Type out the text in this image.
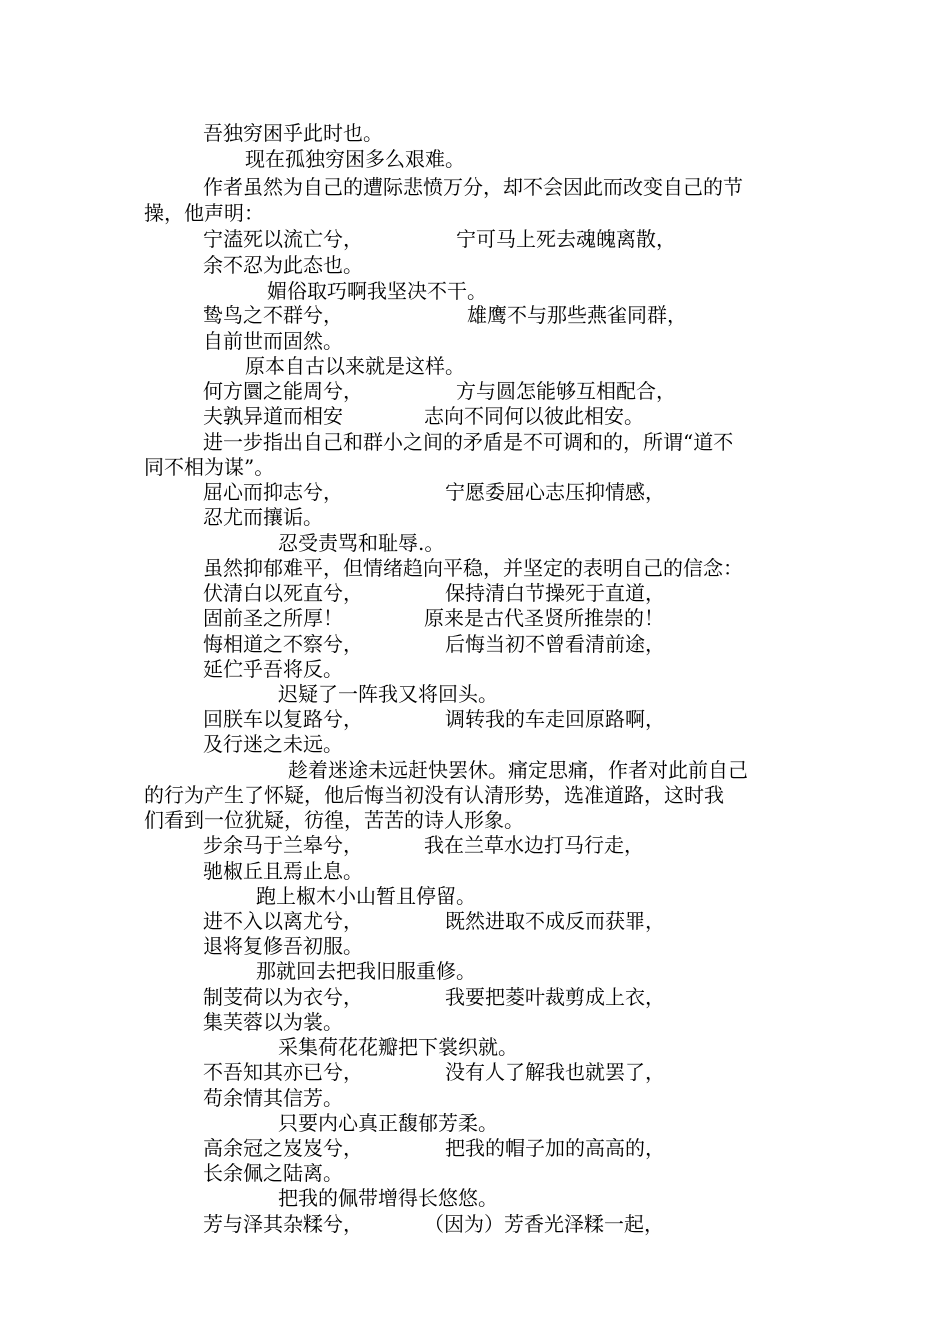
吾独穷困乎此时也。
现在孤独穷困多么艰难。
作者虽然为自己的遭际悲愤万分，却不会因此而改变自己的节
操，他声明：
宁溘死以流亡兮，	宁可马上死去魂魄离散，
余不忍为此态也。
媚俗取巧啊我坚决不干。
鸷鸟之不群兮，	雄鹰不与那些燕雀同群，
自前世而固然。
原本自古以来就是这样。
何方圜之能周兮，	方与圆怎能够互相配合，
夫孰异道而相安	志向不同何以彼此相安。
进一步指出自己和群小之间的矛盾是不可调和的，所谓“道不
同不相为谋”。
屈心而抑志兮，	宁愿委屈心志压抑情感，
忍尤而攘诟。
忍受责骂和耻辱.。
虽然抑郁难平，但情绪趋向平稳，并坚定的表明自己的信念：
伏清白以死直兮，	保持清白节操死于直道，
固前圣之所厚！	原来是古代圣贤所推崇的！
悔相道之不察兮，	后悔当初不曾看清前途，
延伫乎吾将反。
迟疑了一阵我又将回头。
回朕车以复路兮，	调转我的车走回原路啊，
及行迷之未远。
趁着迷途未远赶快罢休。痛定思痛，作者对此前自己
的行为产生了怀疑，他后悔当初没有认清形势，选准道路，这时我
们看到一位犹疑，彷徨，苦苦的诗人形象。
步余马于兰皋兮，	我在兰草水边打马行走，
驰椒丘且焉止息。
跑上椒木小山暂且停留。
进不入以离尤兮，	既然进取不成反而获罪，
退将复修吾初服。
那就回去把我旧服重修。
制芰荷以为衣兮，	我要把菱叶裁剪成上衣，
集芙蓉以为裳。
采集荷花花瓣把下裳织就。
不吾知其亦已兮，	没有人了解我也就罢了，
苟余情其信芳。
只要内心真正馥郁芳柔。
高余冠之岌岌兮，	把我的帽子加的高高的，
长余佩之陆离。
把我的佩带增得长悠悠。
芳与泽其杂糅兮，	（因为）芳香光泽糅一起，
